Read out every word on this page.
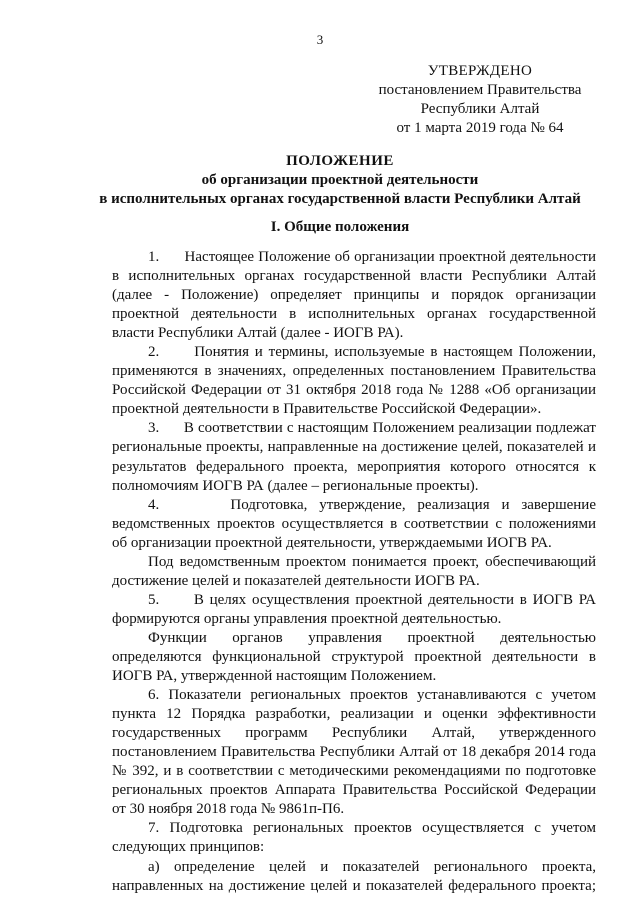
3
УТВЕРЖДЕНО
постановлением Правительства
Республики Алтай
от 1 марта 2019 года № 64
ПОЛОЖЕНИЕ
об организации проектной деятельности
в исполнительных органах государственной власти Республики Алтай
I. Общие положения

1.      Настоящее Положение об организации проектной деятельности в исполнительных органах государственной власти Республики Алтай (далее - Положение) определяет принципы и порядок организации проектной деятельности в исполнительных органах государственной власти Республики Алтай (далее - ИОГВ РА).

2.      Понятия и термины, используемые в настоящем Положении, применяются в значениях, определенных постановлением Правительства Российской Федерации от 31 октября 2018 года № 1288 «Об организации проектной деятельности в Правительстве Российской Федерации».

3.      В соответствии с настоящим Положением реализации подлежат региональные проекты, направленные на достижение целей, показателей и результатов федерального проекта, мероприятия которого относятся к полномочиям ИОГВ РА (далее – региональные проекты).

4.      Подготовка, утверждение, реализация и завершение ведомственных проектов осуществляется в соответствии с положениями об организации проектной деятельности, утверждаемыми ИОГВ РА.

Под ведомственным проектом понимается проект, обеспечивающий достижение целей и показателей деятельности ИОГВ РА.

5.      В целях осуществления проектной деятельности в ИОГВ РА формируются органы управления проектной деятельностью.

Функции органов управления проектной деятельностью определяются функциональной структурой проектной деятельности в ИОГВ РА, утвержденной настоящим Положением.

6. Показатели региональных проектов устанавливаются с учетом пункта 12 Порядка разработки, реализации и оценки эффективности государственных программ Республики Алтай, утвержденного постановлением Правительства Республики Алтай от 18 декабря 2014 года № 392, и в соответствии с методическими рекомендациями по подготовке региональных проектов Аппарата Правительства Российской Федерации от 30 ноября 2018 года № 9861п-П6.

7. Подготовка региональных проектов осуществляется с учетом следующих принципов:

а) определение целей и показателей регионального проекта, направленных на достижение целей и показателей федерального проекта;
